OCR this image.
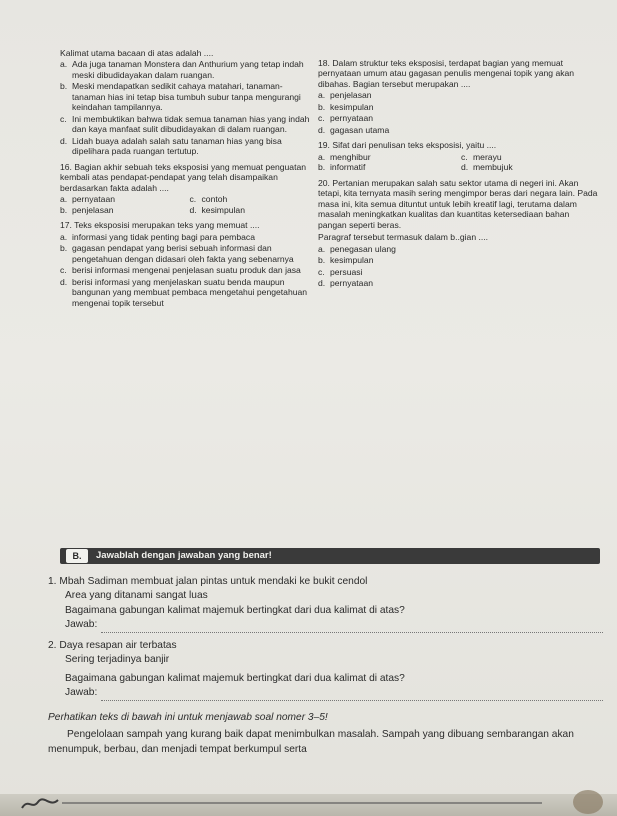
Kalimat utama bacaan di atas adalah ....
a. Ada juga tanaman Monstera dan Anthurium yang tetap indah meski dibudidayakan dalam ruangan.
b. Meski mendapatkan sedikit cahaya matahari, tanaman-tanaman hias ini tetap bisa tumbuh subur tanpa mengurangi keindahan tampilannya.
c. Ini membuktikan bahwa tidak semua tanaman hias yang indah dan kaya manfaat sulit dibudidayakan di dalam ruangan.
d. Lidah buaya adalah salah satu tanaman hias yang bisa dipelihara pada ruangan tertutup.
16. Bagian akhir sebuah teks eksposisi yang memuat penguatan kembali atas pendapat-pendapat yang telah disampaikan berdasarkan fakta adalah ....
a. pernyataan	c. contoh
b. penjelasan	d. kesimpulan
17. Teks eksposisi merupakan teks yang memuat ....
a. informasi yang tidak penting bagi para pembaca
b. gagasan pendapat yang berisi sebuah informasi dan pengetahuan dengan didasari oleh fakta yang sebenarnya
c. berisi informasi mengenai penjelasan suatu produk dan jasa
d. berisi informasi yang menjelaskan suatu benda maupun bangunan yang membuat pembaca mengetahui pengetahuan mengenai topik tersebut
18. Dalam struktur teks eksposisi, terdapat bagian yang memuat pernyataan umum atau gagasan penulis mengenai topik yang akan dibahas. Bagian tersebut merupakan ....
a. penjelasan
b. kesimpulan
c. pernyataan
d. gagasan utama
19. Sifat dari penulisan teks eksposisi, yaitu ....
a. menghibur	c. merayu
b. informatif	d. membujuk
20. Pertanian merupakan salah satu sektor utama di negeri ini. Akan tetapi, kita ternyata masih sering mengimpor beras dari negara lain. Pada masa ini, kita semua dituntut untuk lebih kreatif lagi, terutama dalam masalah meningkatkan kualitas dan kuantitas ketersediaan bahan pangan seperti beras.
Paragraf tersebut termasuk dalam b..gian ....
a. penegasan ulang
b. kesimpulan
c. persuasi
d. pernyataan
B.	Jawablah dengan jawaban yang benar!
1. Mbah Sadiman membuat jalan pintas untuk mendaki ke bukit cendol
Area yang ditanami sangat luas
Bagaimana gabungan kalimat majemuk bertingkat dari dua kalimat di atas?
Jawab:
2. Daya resapan air terbatas
Sering terjadinya banjir
Bagaimana gabungan kalimat majemuk bertingkat dari dua kalimat di atas?
Jawab:
Perhatikan teks di bawah ini untuk menjawab soal nomer 3–5!
Pengelolaan sampah yang kurang baik dapat menimbulkan masalah. Sampah yang dibuang sembarangan akan menumpuk, berbau, dan menjadi tempat berkumpul serta
